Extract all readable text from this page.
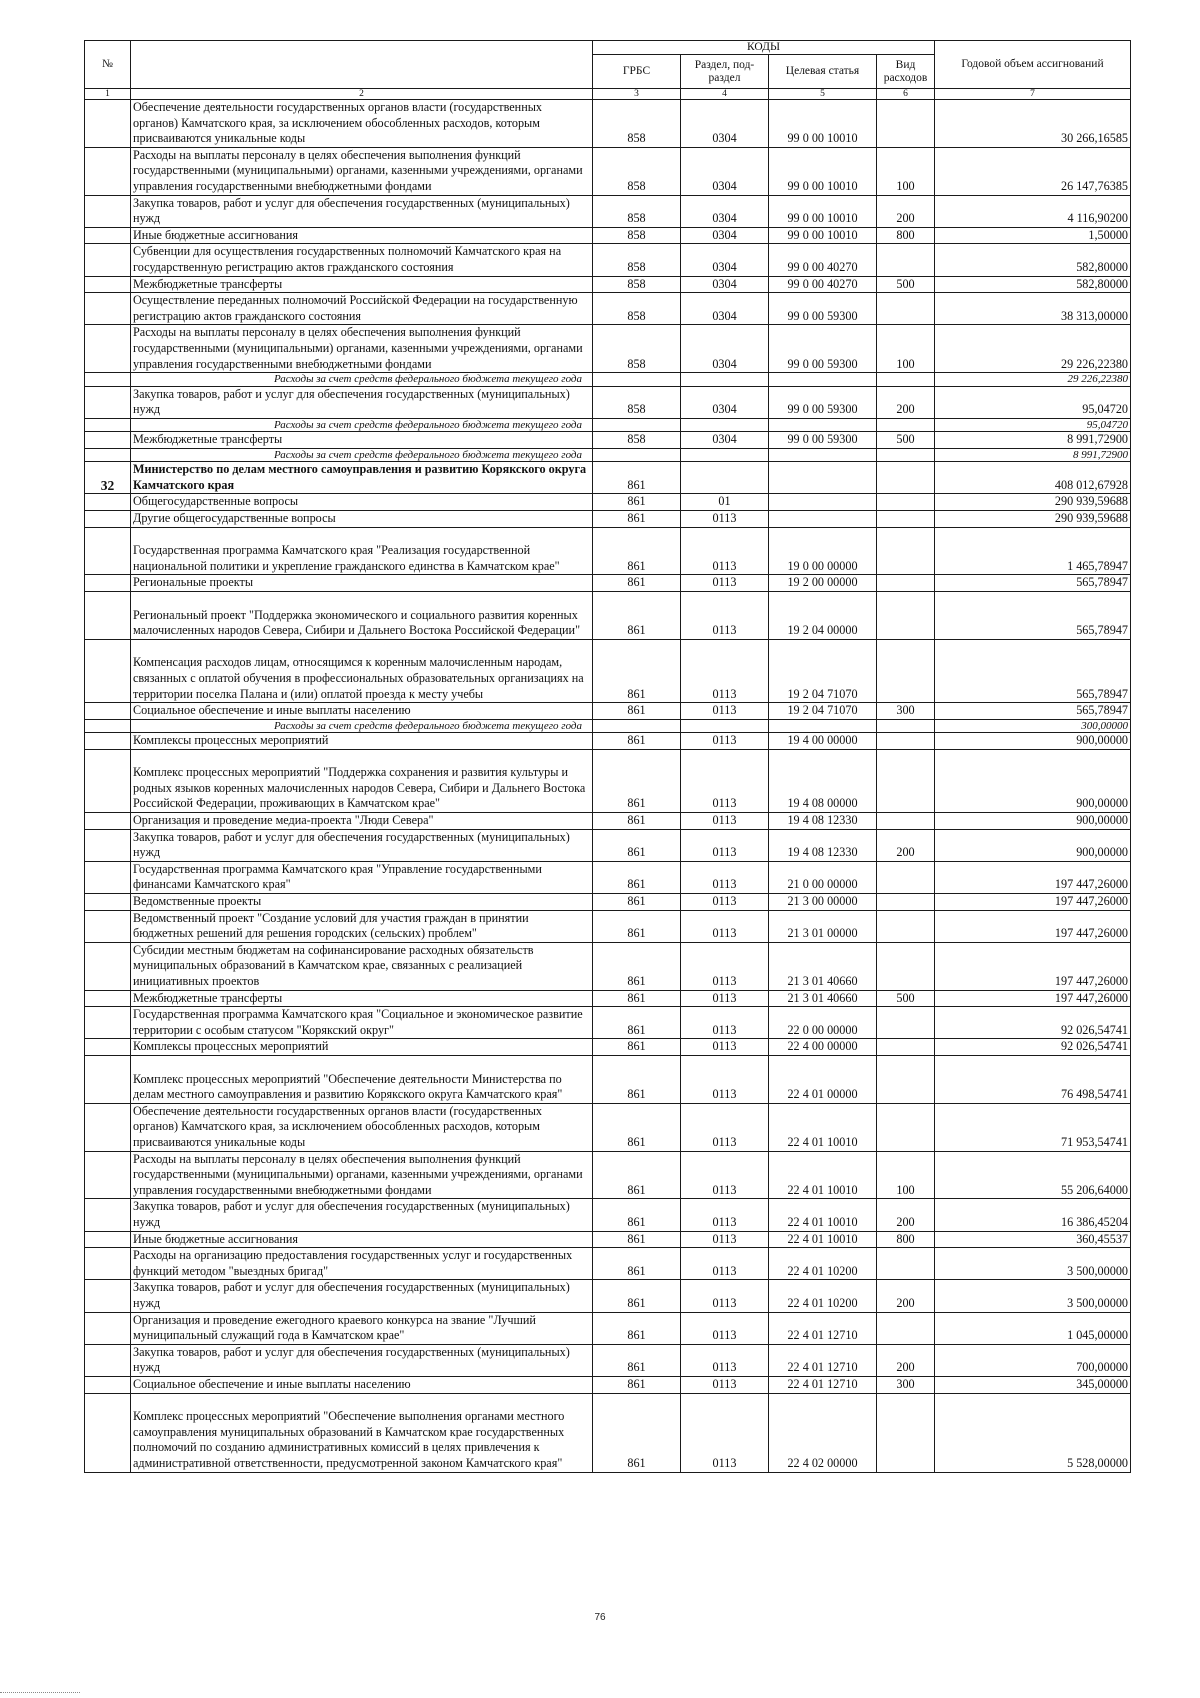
№		КОДЫ				Годовой объем ассигнований
		ГРБС	Раздел, под-раздел	Целевая статья	Вид расходов	
1	2	3	4	5	6	7
	Обеспечение деятельности государственных органов власти (государственных органов) Камчатского края, за исключением обособленных расходов, которым присваиваются уникальные коды	858	0304	99 0 00 10010		30 266,16585
	Расходы на выплаты персоналу в целях обеспечения выполнения функций государственными (муниципальными) органами, казенными учреждениями, органами управления государственными внебюджетными фондами	858	0304	99 0 00 10010	100	26 147,76385
	Закупка товаров, работ и услуг для обеспечения государственных (муниципальных) нужд	858	0304	99 0 00 10010	200	4 116,90200
	Иные бюджетные ассигнования	858	0304	99 0 00 10010	800	1,50000
	Субвенции для осуществления государственных полномочий Камчатского края на государственную регистрацию актов гражданского состояния	858	0304	99 0 00 40270		582,80000
	Межбюджетные трансферты	858	0304	99 0 00 40270	500	582,80000
	Осуществление переданных полномочий Российской Федерации на государственную регистрацию актов гражданского состояния	858	0304	99 0 00 59300		38 313,00000
	Расходы на выплаты персоналу в целях обеспечения выполнения функций государственными (муниципальными) органами, казенными учреждениями, органами управления государственными внебюджетными фондами	858	0304	99 0 00 59300	100	29 226,22380
	Расходы за счет средств федерального бюджета текущего года					29 226,22380
	Закупка товаров, работ и услуг для обеспечения государственных (муниципальных) нужд	858	0304	99 0 00 59300	200	95,04720
	Расходы за счет средств федерального бюджета текущего года					95,04720
	Межбюджетные трансферты	858	0304	99 0 00 59300	500	8 991,72900
	Расходы за счет средств федерального бюджета текущего года					8 991,72900
32	Министерство по делам местного самоуправления и развитию Корякского округа Камчатского края	861				408 012,67928
	Общегосударственные вопросы	861	01			290 939,59688
	Другие общегосударственные вопросы	861	0113			290 939,59688
	Государственная программа Камчатского края "Реализация государственной национальной политики и укрепление гражданского единства в Камчатском крае"	861	0113	19 0 00 00000		1 465,78947
	Региональные проекты	861	0113	19 2 00 00000		565,78947
	Региональный проект "Поддержка экономического и социального развития коренных малочисленных народов Севера, Сибири и Дальнего Востока Российской Федерации"	861	0113	19 2 04 00000		565,78947
	Компенсация расходов лицам, относящимся к коренным малочисленным народам, связанных с оплатой обучения в профессиональных образовательных организациях на территории поселка Палана и (или) оплатой проезда к месту учебы	861	0113	19 2 04 71070		565,78947
	Социальное обеспечение и иные выплаты населению	861	0113	19 2 04 71070	300	565,78947
	Расходы за счет средств федерального бюджета текущего года					300,00000
	Комплексы процессных мероприятий	861	0113	19 4 00 00000		900,00000
	Комплекс процессных мероприятий "Поддержка сохранения и развития культуры и родных языков коренных малочисленных народов Севера, Сибири и Дальнего Востока Российской Федерации, проживающих в Камчатском крае"	861	0113	19 4 08 00000		900,00000
	Организация и проведение медиа-проекта "Люди Севера"	861	0113	19 4 08 12330		900,00000
	Закупка товаров, работ и услуг для обеспечения государственных (муниципальных) нужд	861	0113	19 4 08 12330	200	900,00000
	Государственная программа Камчатского края "Управление государственными финансами Камчатского края"	861	0113	21 0 00 00000		197 447,26000
	Ведомственные проекты	861	0113	21 3 00 00000		197 447,26000
	Ведомственный проект "Создание условий для участия граждан в принятии бюджетных решений для решения городских (сельских) проблем"	861	0113	21 3 01 00000		197 447,26000
	Субсидии местным бюджетам на софинансирование расходных обязательств муниципальных образований в Камчатском крае, связанных с реализацией инициативных проектов	861	0113	21 3 01 40660		197 447,26000
	Межбюджетные трансферты	861	0113	21 3 01 40660	500	197 447,26000
	Государственная программа Камчатского края "Социальное и экономическое развитие территории с особым статусом "Корякский округ"	861	0113	22 0 00 00000		92 026,54741
	Комплексы процессных мероприятий	861	0113	22 4 00 00000		92 026,54741
	Комплекс процессных мероприятий "Обеспечение деятельности Министерства по делам местного самоуправления и развитию Корякского округа Камчатского края"	861	0113	22 4 01 00000		76 498,54741
	Обеспечение деятельности государственных органов власти (государственных органов) Камчатского края, за исключением обособленных расходов, которым присваиваются уникальные коды	861	0113	22 4 01 10010		71 953,54741
	Расходы на выплаты персоналу в целях обеспечения выполнения функций государственными (муниципальными) органами, казенными учреждениями, органами управления государственными внебюджетными фондами	861	0113	22 4 01 10010	100	55 206,64000
	Закупка товаров, работ и услуг для обеспечения государственных (муниципальных) нужд	861	0113	22 4 01 10010	200	16 386,45204
	Иные бюджетные ассигнования	861	0113	22 4 01 10010	800	360,45537
	Расходы на организацию предоставления государственных услуг и государственных функций методом "выездных бригад"	861	0113	22 4 01 10200		3 500,00000
	Закупка товаров, работ и услуг для обеспечения государственных (муниципальных) нужд	861	0113	22 4 01 10200	200	3 500,00000
	Организация и проведение ежегодного краевого конкурса на звание "Лучший муниципальный служащий года в Камчатском крае"	861	0113	22 4 01 12710		1 045,00000
	Закупка товаров, работ и услуг для обеспечения государственных (муниципальных) нужд	861	0113	22 4 01 12710	200	700,00000
	Социальное обеспечение и иные выплаты населению	861	0113	22 4 01 12710	300	345,00000
	Комплекс процессных мероприятий "Обеспечение выполнения органами местного самоуправления муниципальных образований в Камчатском крае государственных полномочий по созданию административных комиссий в целях привлечения к административной ответственности, предусмотренной законом Камчатского края"	861	0113	22 4 02 00000		5 528,00000
76
